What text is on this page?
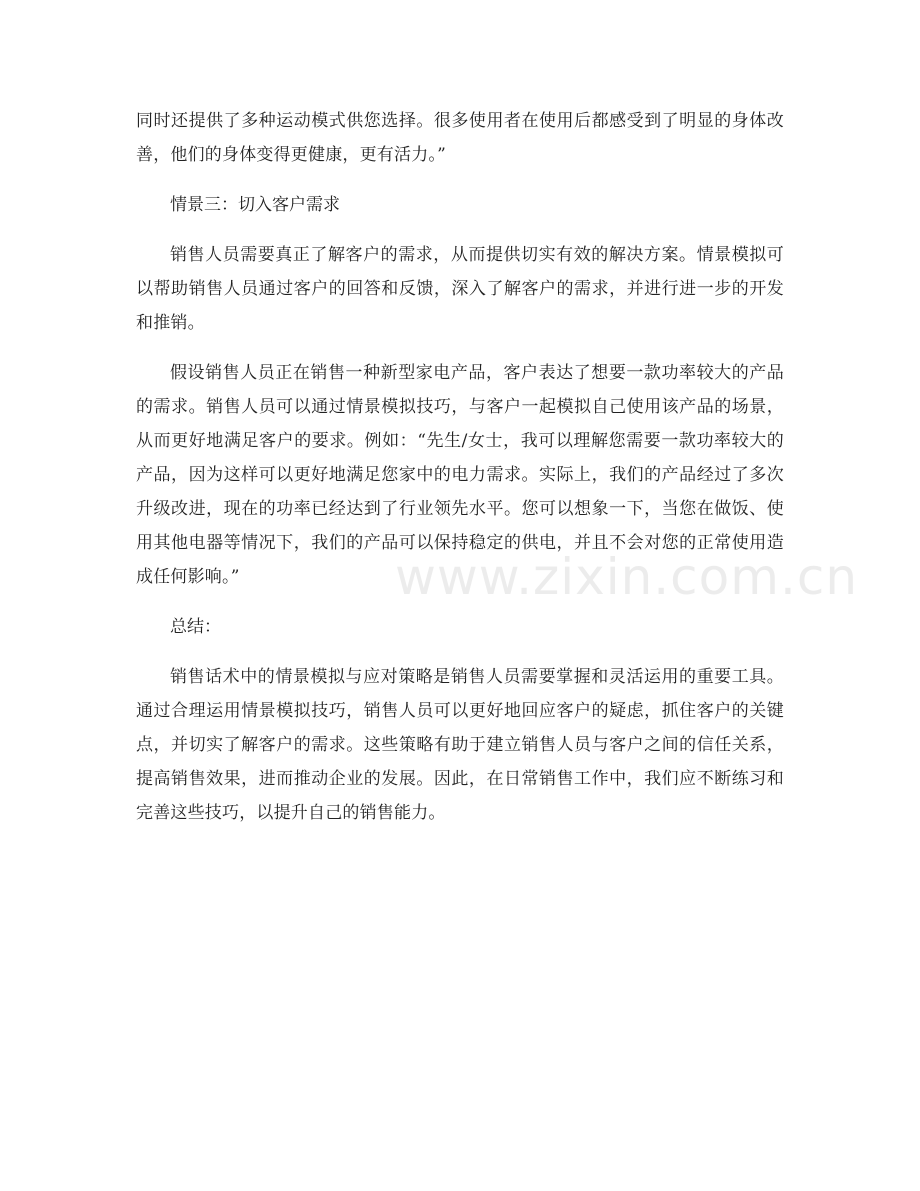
同时还提供了多种运动模式供您选择。很多使用者在使用后都感受到了明显的身体改善，他们的身体变得更健康，更有活力。”

情景三：切入客户需求

销售人员需要真正了解客户的需求，从而提供切实有效的解决方案。情景模拟可以帮助销售人员通过客户的回答和反馈，深入了解客户的需求，并进行进一步的开发和推销。

假设销售人员正在销售一种新型家电产品，客户表达了想要一款功率较大的产品的需求。销售人员可以通过情景模拟技巧，与客户一起模拟自己使用该产品的场景，从而更好地满足客户的要求。例如：“先生/女士，我可以理解您需要一款功率较大的产品，因为这样可以更好地满足您家中的电力需求。实际上，我们的产品经过了多次升级改进，现在的功率已经达到了行业领先水平。您可以想象一下，当您在做饭、使用其他电器等情况下，我们的产品可以保持稳定的供电，并且不会对您的正常使用造成任何影响。”

总结：

销售话术中的情景模拟与应对策略是销售人员需要掌握和灵活运用的重要工具。通过合理运用情景模拟技巧，销售人员可以更好地回应客户的疑虑，抓住客户的关键点，并切实了解客户的需求。这些策略有助于建立销售人员与客户之间的信任关系，提高销售效果，进而推动企业的发展。因此，在日常销售工作中，我们应不断练习和完善这些技巧，以提升自己的销售能力。

www.zixin.com.cn
